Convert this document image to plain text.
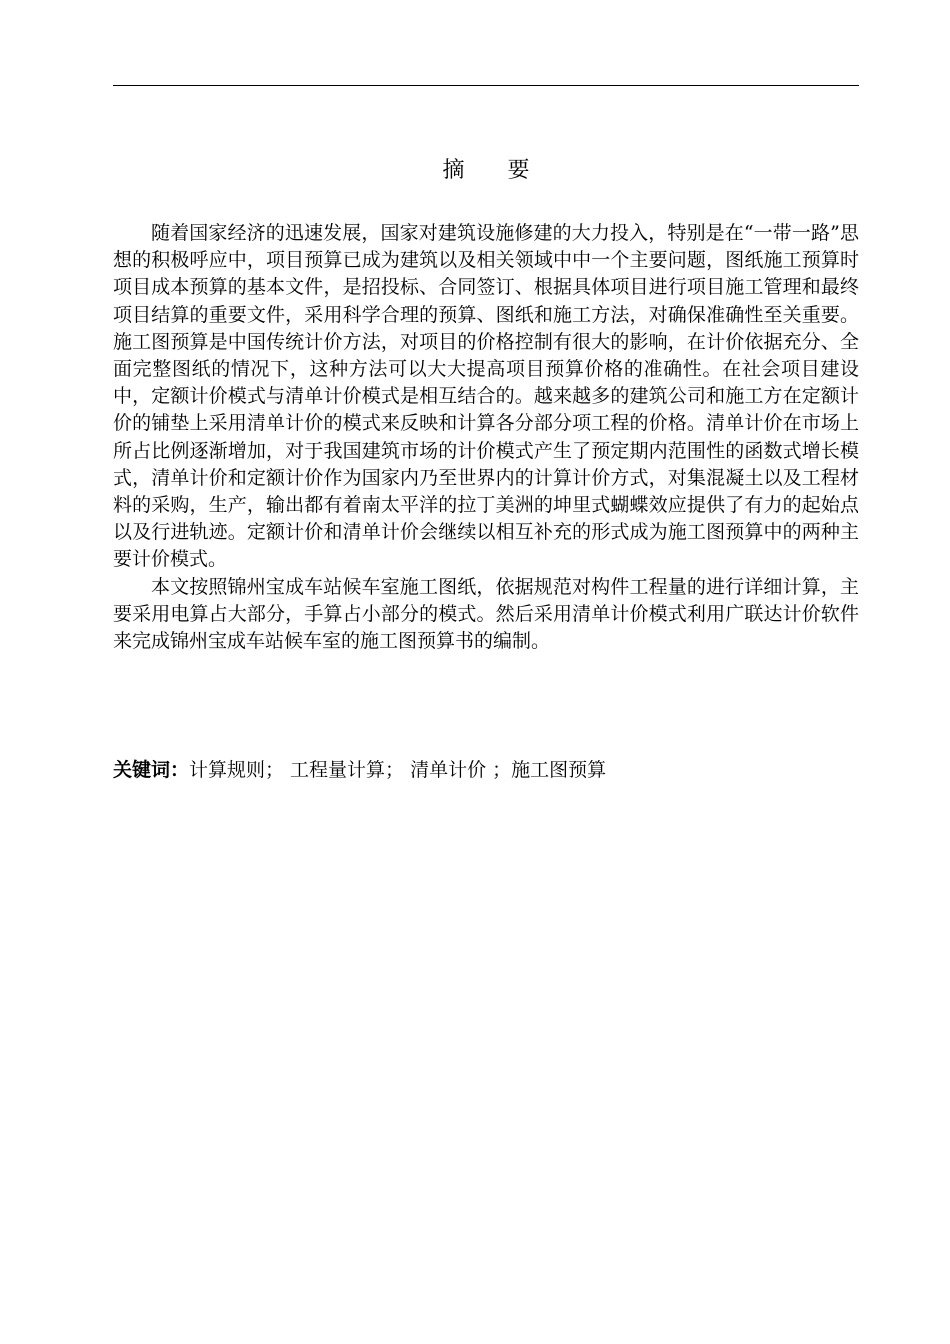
摘 要

随着国家经济的迅速发展，国家对建筑设施修建的大力投入，特别是在“一带一路”思想的积极呼应中，项目预算已成为建筑以及相关领域中中一个主要问题，图纸施工预算时项目成本预算的基本文件，是招投标、合同签订、根据具体项目进行项目施工管理和最终项目结算的重要文件，采用科学合理的预算、图纸和施工方法，对确保准确性至关重要。施工图预算是中国传统计价方法，对项目的价格控制有很大的影响，在计价依据充分、全面完整图纸的情况下，这种方法可以大大提高项目预算价格的准确性。在社会项目建设中，定额计价模式与清单计价模式是相互结合的。越来越多的建筑公司和施工方在定额计价的铺垫上采用清单计价的模式来反映和计算各分部分项工程的价格。清单计价在市场上所占比例逐渐增加，对于我国建筑市场的计价模式产生了预定期内范围性的函数式增长模式，清单计价和定额计价作为国家内乃至世界内的计算计价方式，对集混凝土以及工程材料的采购，生产，输出都有着南太平洋的拉丁美洲的坤里式蝴蝶效应提供了有力的起始点以及行进轨迹。定额计价和清单计价会继续以相互补充的形式成为施工图预算中的两种主要计价模式。

本文按照锦州宝成车站候车室施工图纸，依据规范对构件工程量的进行详细计算，主要采用电算占大部分，手算占小部分的模式。然后采用清单计价模式利用广联达计价软件来完成锦州宝成车站候车室的施工图预算书的编制。

关键词：计算规则； 工程量计算； 清单计价 ；施工图预算
